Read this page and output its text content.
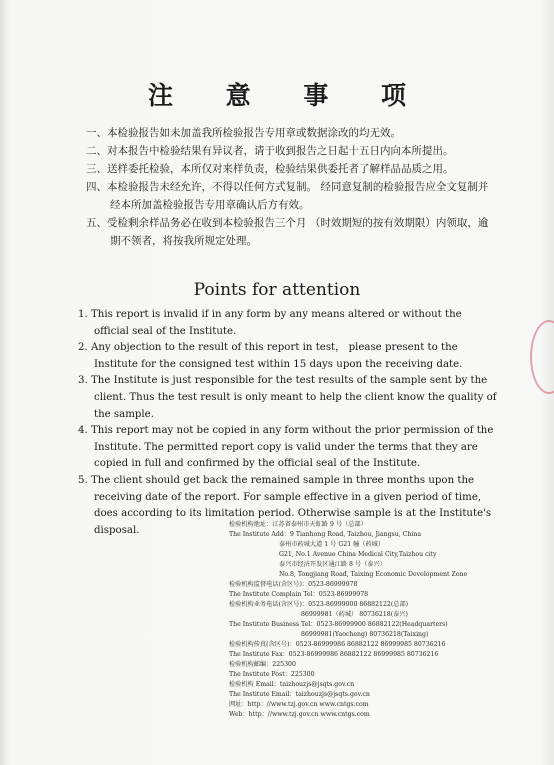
注 意 事 项
一、本检验报告如未加盖我所检验报告专用章或数据涂改的均无效。
二、对本报告中检验结果有异议者，请于收到报告之日起十五日内向本所提出。
三、送样委托检验，本所仅对来样负责，检验结果供委托者了解样品品质之用。
四、本检验报告未经允许，不得以任何方式复制。 经同意复制的检验报告应全文复制并经本所加盖检验报告专用章确认后方有效。
五、受检剩余样品务必在收到本检验报告三个月 （时效期短的按有效期限）内领取，逾期不领者，将按我所规定处理。
Points for attention
1. This report is invalid if in any form by any means altered or without the official seal of the Institute.
2. Any objection to the result of this report in test， please present to the Institute for the consigned test within 15 days upon the receiving date.
3. The Institute is just responsible for the test results of the sample sent by the client. Thus the test result is only meant to help the client know the quality of the sample.
4. This report may not be copied in any form without the prior permission of the Institute. The permitted report copy is valid under the terms that they are copied in full and confirmed by the official seal of the Institute.
5. The client should get back the remained sample in three months upon the receiving date of the report. For sample effective in a given period of time, does according to its limitation period. Otherwise sample is at the Institute's disposal.
检验机构地址：江苏省泰州市天虹路 9 号（总部）
The Institute Add：9 Tianhong Road, Taizhou, Jiangsu, China
泰州市药城大道 1 号 G21 幢（药城）
G21, No.1 Avenue China Medical City,Taizhou city
泰兴市经济开发区通江路 8 号（泰兴）
No.8, Tongjiang Road, Taixing Economic Development Zone
检验机构监督电话(含区号)：0523-86999978
The Institute Complain Tel：0523-86999978
检验机构业务电话(含区号)：0523-86999900 86882122(总部)
86999981（药城） 80736218(泰兴)
The Institute Business Tel：0523-86999900 86882122(Headquarters)
86999981(Yaocheng) 80736218(Taixing)
检验机构传真(含区号)：0523-86999986 86882122 86999985 80736216
The Institute Fax：0523-86999986 86882122 86999985 80736216
检验机构邮编：225300
The Institute Post：225300
检验机构 Email：taizhouzjs@jsqts.gov.cn
The Institute Email：taizhouzjs@jsqts.gov.cn
网址：http：//www.tzj.gov.cn www.cntgs.com
Web：http：//www.tzj.gov.cn www.cntgs.com
